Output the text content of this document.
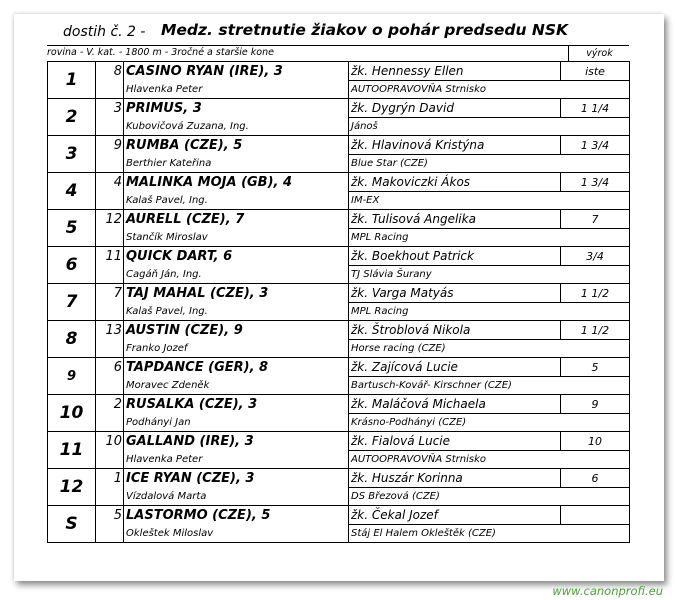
dostih č. 2 - Medz. stretnutie žiakov o pohár predsedu NSK
rovina - V. kat. - 1800 m - 3ročné a staršie kone	výrok
1	8	CASINO RYAN (IRE), 3	žk. Hennessy Ellen	iste
		Hlavenka Peter	AUTOOPRAVOVŇA Strnisko	
2	3	PRIMUS, 3	žk. Dygrýn David	1 1/4
		Kubovičová Zuzana, Ing.	Jánoš	
3	9	RUMBA (CZE), 5	žk. Hlavinová Kristýna	1 3/4
		Berthier Kateřina	Blue Star (CZE)	
4	4	MALINKA MOJA (GB), 4	žk. Makoviczki Ákos	1 3/4
		Kalaš Pavel, Ing.	IM-EX	
5	12	AURELL (CZE), 7	žk. Tulisová Angelika	7
		Stančík Miroslav	MPL Racing	
6	11	QUICK DART, 6	žk. Boekhout Patrick	3/4
		Cagáň Ján, Ing.	TJ Slávia Šurany	
7	7	TAJ MAHAL (CZE), 3	žk. Varga Matyás	1 1/2
		Kalaš Pavel, Ing.	MPL Racing	
8	13	AUSTIN (CZE), 9	žk. Štroblová Nikola	1 1/2
		Franko Jozef	Horse racing (CZE)	
9	6	TAPDANCE (GER), 8	žk. Zajícová Lucie	5
		Moravec Zdeněk	Bartusch-Kovář- Kirschner (CZE)	
10	2	RUSALKA (CZE), 3	žk. Maláčová Michaela	9
		Podhányi Jan	Krásno-Podhányi (CZE)	
11	10	GALLAND (IRE), 3	žk. Fialová Lucie	10
		Hlavenka Peter	AUTOOPRAVOVŇA Strnisko	
12	1	ICE RYAN (CZE), 3	žk. Huszár Korinna	6
		Vízdalová Marta	DS Březová (CZE)	
S	5	LASTORMO (CZE), 5	žk. Čekal Jozef	
		Okleštek Miloslav	Stáj El Halem Okleštěk (CZE)	
www.canonprofi.eu
